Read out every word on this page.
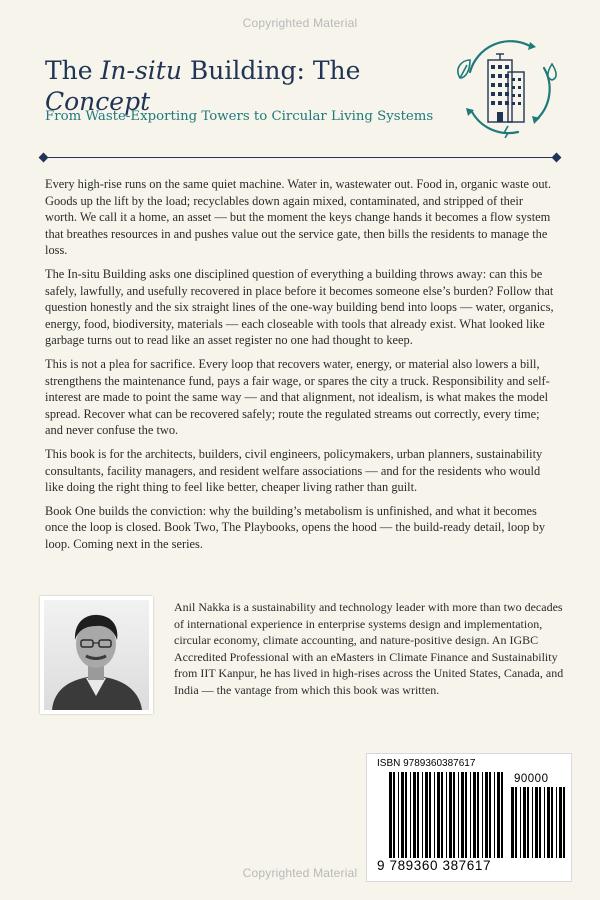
Copyrighted Material
The In-situ Building: The
Concept
From Waste-Exporting Towers to Circular Living Systems

Every high-rise runs on the same quiet machine. Water in, wastewater out. Food in, organic waste out. Goods up the lift by the load; recyclables down again mixed, contaminated, and stripped of their worth. We call it a home, an asset — but the moment the keys change hands it becomes a flow system that breathes resources in and pushes value out the service gate, then bills the residents to manage the loss.

The In-situ Building asks one disciplined question of everything a building throws away: can this be safely, lawfully, and usefully recovered in place before it becomes someone else’s burden? Follow that question honestly and the six straight lines of the one-way building bend into loops — water, organics, energy, food, biodiversity, materials — each closeable with tools that already exist. What looked like garbage turns out to read like an asset register no one had thought to keep.

This is not a plea for sacrifice. Every loop that recovers water, energy, or material also lowers a bill, strengthens the maintenance fund, pays a fair wage, or spares the city a truck. Responsibility and self-interest are made to point the same way — and that alignment, not idealism, is what makes the model spread. Recover what can be recovered safely; route the regulated streams out correctly, every time; and never confuse the two.

This book is for the architects, builders, civil engineers, policymakers, urban planners, sustainability consultants, facility managers, and resident welfare associations — and for the residents who would like doing the right thing to feel like better, cheaper living rather than guilt.

Book One builds the conviction: why the building’s metabolism is unfinished, and what it becomes once the loop is closed. Book Two, The Playbooks, opens the hood — the build-ready detail, loop by loop. Coming next in the series.

Anil Nakka is a sustainability and technology leader with more than two decades of international experience in enterprise systems design and implementation, circular economy, climate accounting, and nature-positive design. An IGBC Accredited Professional with an eMasters in Climate Finance and Sustainability from IIT Kanpur, he has lived in high-rises across the United States, Canada, and India — the vantage from which this book was written.
ISBN 9789360387617
90000
9 789360 387617
Copyrighted Material
